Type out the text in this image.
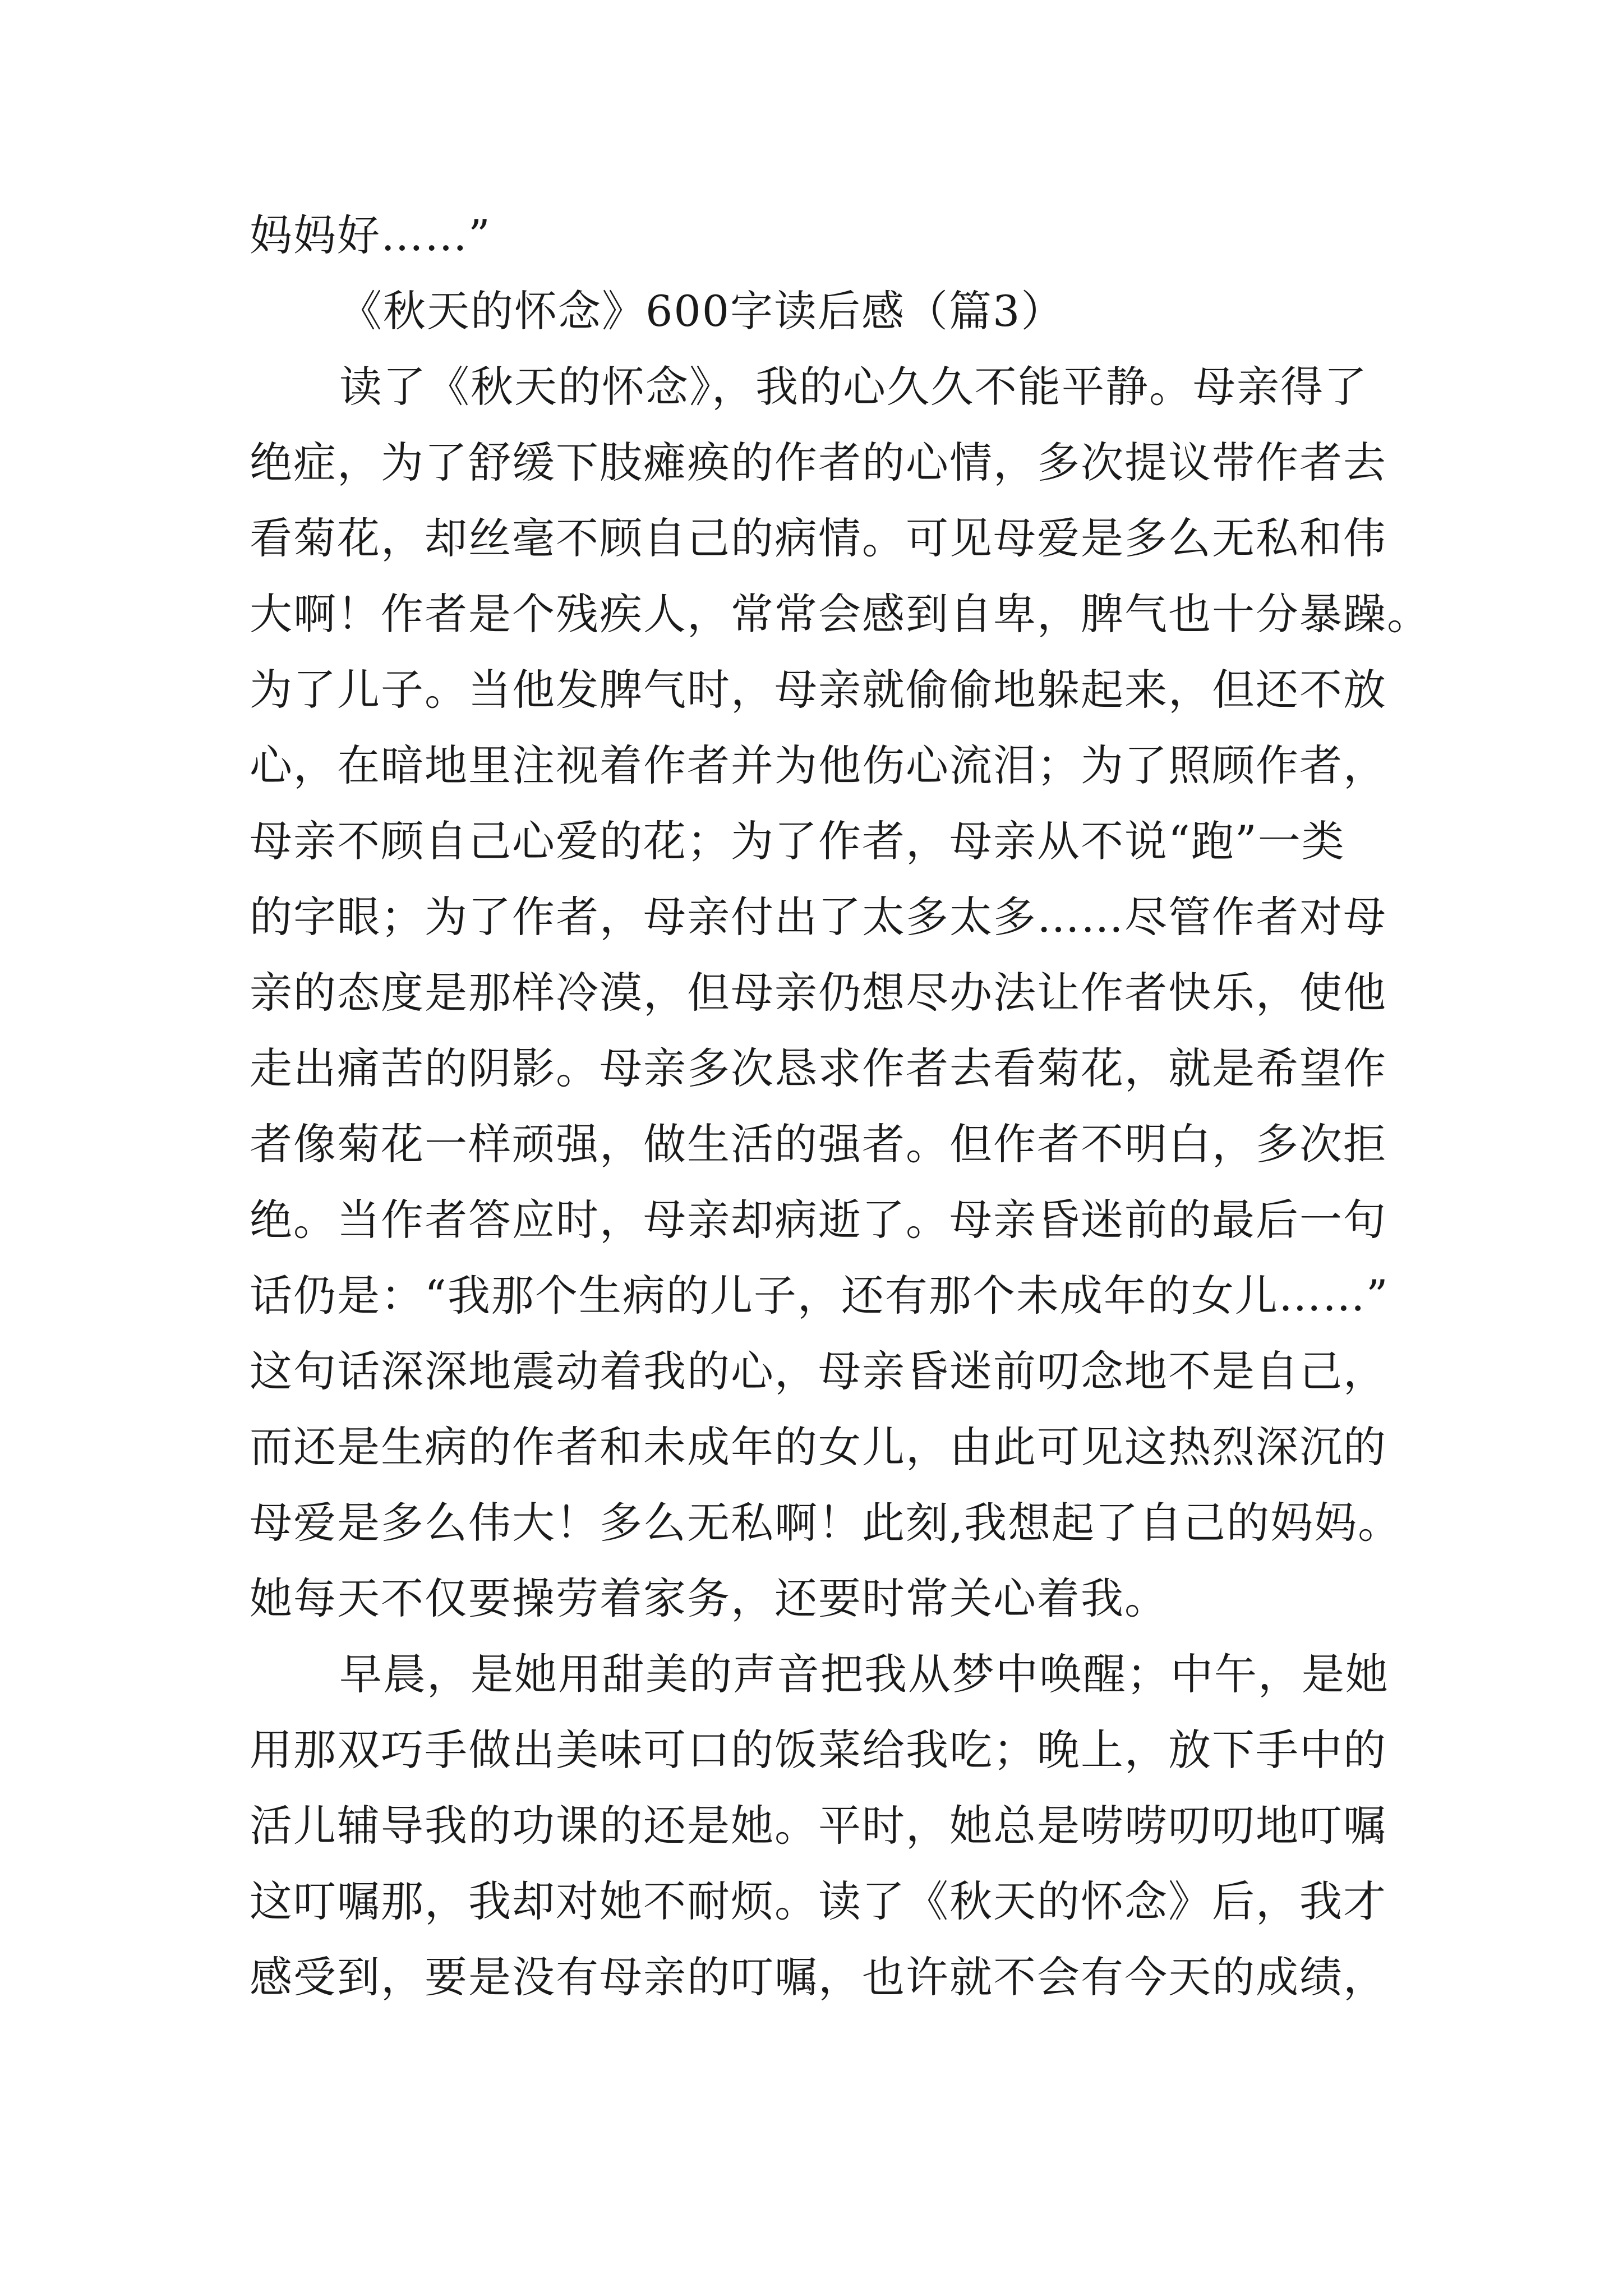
妈妈好……”
《秋天的怀念》600字读后感（篇3）
读了《秋天的怀念》，我的心久久不能平静。母亲得了
绝症，为了舒缓下肢瘫痪的作者的心情，多次提议带作者去
看菊花，却丝毫不顾自己的病情。可见母爱是多么无私和伟
大啊！作者是个残疾人，常常会感到自卑，脾气也十分暴躁。
为了儿子。当他发脾气时，母亲就偷偷地躲起来，但还不放
心，在暗地里注视着作者并为他伤心流泪；为了照顾作者，
母亲不顾自己心爱的花；为了作者，母亲从不说“跑”一类
的字眼；为了作者，母亲付出了太多太多……尽管作者对母
亲的态度是那样冷漠，但母亲仍想尽办法让作者快乐，使他
走出痛苦的阴影。母亲多次恳求作者去看菊花，就是希望作
者像菊花一样顽强，做生活的强者。但作者不明白，多次拒
绝。当作者答应时，母亲却病逝了。母亲昏迷前的最后一句
话仍是：“我那个生病的儿子，还有那个未成年的女儿……”
这句话深深地震动着我的心，母亲昏迷前叨念地不是自己，
而还是生病的作者和未成年的女儿，由此可见这热烈深沉的
母爱是多么伟大！多么无私啊！此刻,我想起了自己的妈妈。
她每天不仅要操劳着家务，还要时常关心着我。
早晨，是她用甜美的声音把我从梦中唤醒；中午，是她
用那双巧手做出美味可口的饭菜给我吃；晚上，放下手中的
活儿辅导我的功课的还是她。平时，她总是唠唠叨叨地叮嘱
这叮嘱那，我却对她不耐烦。读了《秋天的怀念》后，我才
感受到，要是没有母亲的叮嘱，也许就不会有今天的成绩，
